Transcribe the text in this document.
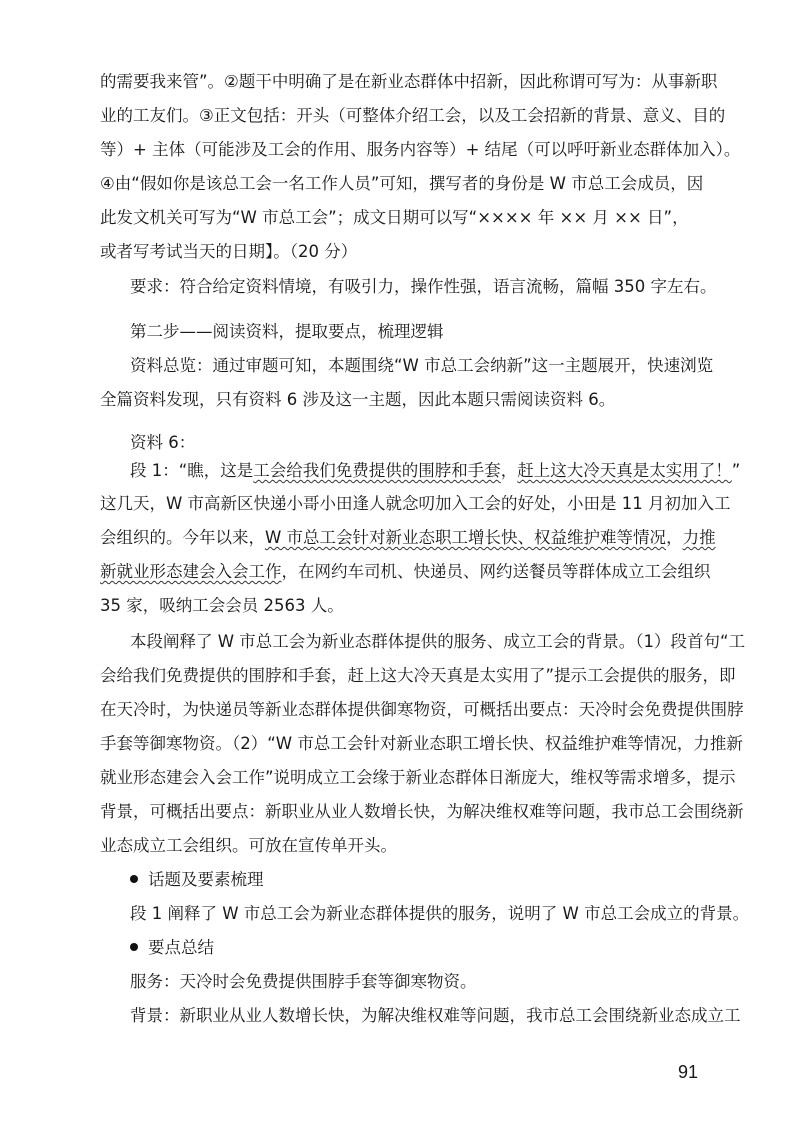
的需要我来管”。②题干中明确了是在新业态群体中招新，因此称谓可写为：从事新职
业的工友们。③正文包括：开头（可整体介绍工会，以及工会招新的背景、意义、目的
等）+ 主体（可能涉及工会的作用、服务内容等）+ 结尾（可以呼吁新业态群体加入）。
④由“假如你是该总工会一名工作人员”可知，撰写者的身份是 W 市总工会成员，因
此发文机关可写为“W 市总工会”；成文日期可以写“×××× 年 ×× 月 ×× 日”，
或者写考试当天的日期】。（20 分）
要求：符合给定资料情境，有吸引力，操作性强，语言流畅，篇幅 350 字左右。
第二步——阅读资料，提取要点，梳理逻辑
资料总览：通过审题可知，本题围绕“W 市总工会纳新”这一主题展开，快速浏览
全篇资料发现，只有资料 6 涉及这一主题，因此本题只需阅读资料 6。
资料 6：
段 1：“瞧，这是工会给我们免费提供的围脖和手套，赶上这大冷天真是太实用了！”
这几天，W 市高新区快递小哥小田逢人就念叨加入工会的好处，小田是 11 月初加入工
会组织的。今年以来，W 市总工会针对新业态职工增长快、权益维护难等情况，力推
新就业形态建会入会工作，在网约车司机、快递员、网约送餐员等群体成立工会组织
35 家，吸纳工会会员 2563 人。
本段阐释了 W 市总工会为新业态群体提供的服务、成立工会的背景。（1）段首句“工
会给我们免费提供的围脖和手套，赶上这大冷天真是太实用了”提示工会提供的服务，即
在天冷时，为快递员等新业态群体提供御寒物资，可概括出要点：天冷时会免费提供围脖
手套等御寒物资。（2）“W 市总工会针对新业态职工增长快、权益维护难等情况，力推新
就业形态建会入会工作”说明成立工会缘于新业态群体日渐庞大，维权等需求增多，提示
背景，可概括出要点：新职业从业人数增长快，为解决维权难等问题，我市总工会围绕新
业态成立工会组织。可放在宣传单开头。
话题及要素梳理
段 1 阐释了 W 市总工会为新业态群体提供的服务，说明了 W 市总工会成立的背景。
要点总结
服务：天冷时会免费提供围脖手套等御寒物资。
背景：新职业从业人数增长快，为解决维权难等问题，我市总工会围绕新业态成立工
91
